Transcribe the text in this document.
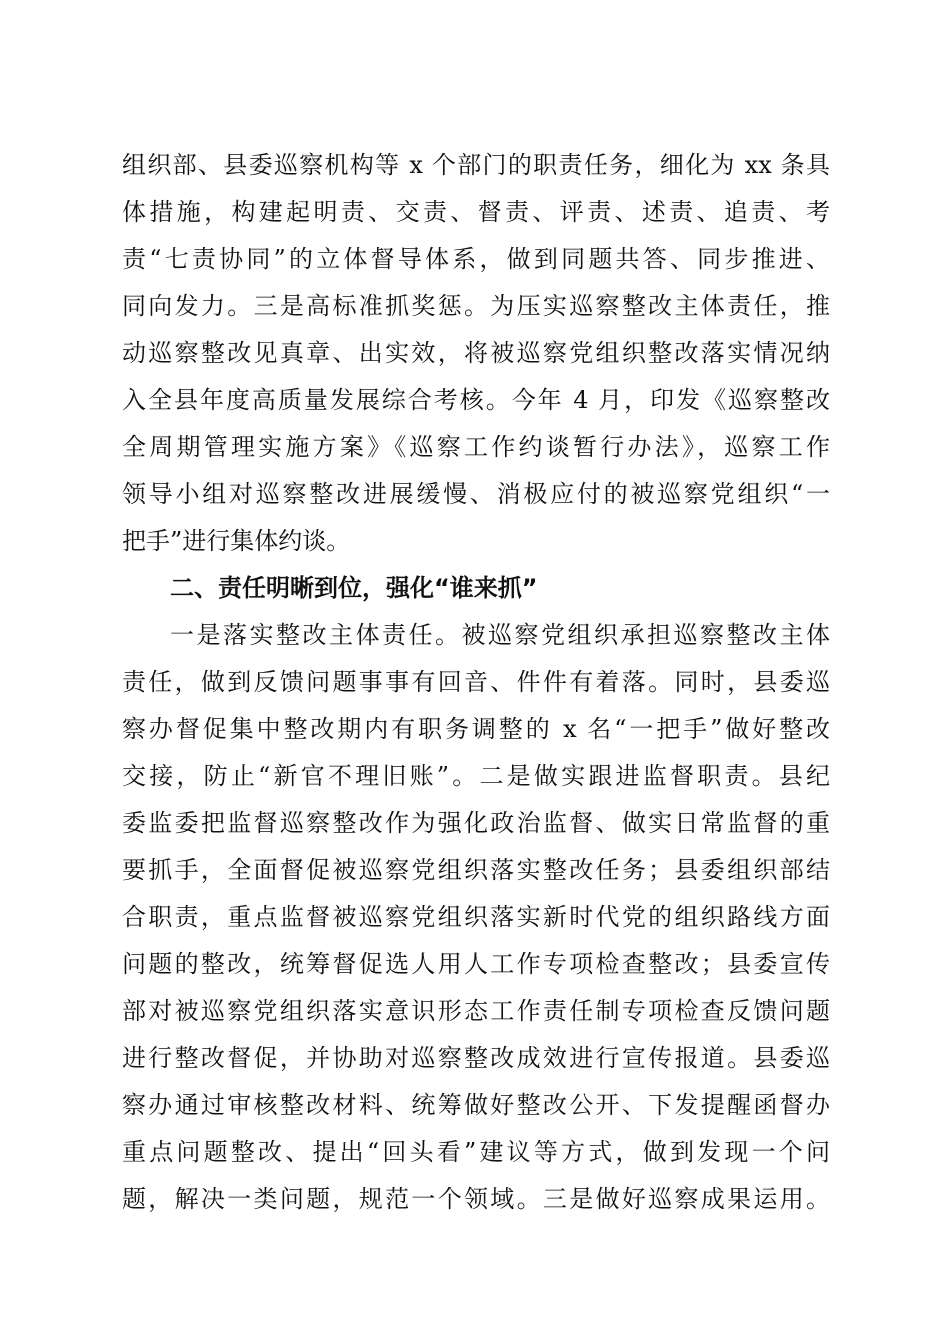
组织部、县委巡察机构等 x 个部门的职责任务，细化为 xx 条具
体措施，构建起明责、交责、督责、评责、述责、追责、考
责“七责协同”的立体督导体系，做到同题共答、同步推进、
同向发力。三是高标准抓奖惩。为压实巡察整改主体责任，推
动巡察整改见真章、出实效，将被巡察党组织整改落实情况纳
入全县年度高质量发展综合考核。今年 4 月，印发《巡察整改
全周期管理实施方案》《巡察工作约谈暂行办法》，巡察工作
领导小组对巡察整改进展缓慢、消极应付的被巡察党组织“一
把手”进行集体约谈。
二、责任明晰到位，强化“谁来抓”
一是落实整改主体责任。被巡察党组织承担巡察整改主体
责任，做到反馈问题事事有回音、件件有着落。同时，县委巡
察办督促集中整改期内有职务调整的 x 名“一把手”做好整改
交接，防止“新官不理旧账”。二是做实跟进监督职责。县纪
委监委把监督巡察整改作为强化政治监督、做实日常监督的重
要抓手，全面督促被巡察党组织落实整改任务；县委组织部结
合职责，重点监督被巡察党组织落实新时代党的组织路线方面
问题的整改，统筹督促选人用人工作专项检查整改；县委宣传
部对被巡察党组织落实意识形态工作责任制专项检查反馈问题
进行整改督促，并协助对巡察整改成效进行宣传报道。县委巡
察办通过审核整改材料、统筹做好整改公开、下发提醒函督办
重点问题整改、提出“回头看”建议等方式，做到发现一个问
题，解决一类问题，规范一个领域。三是做好巡察成果运用。
